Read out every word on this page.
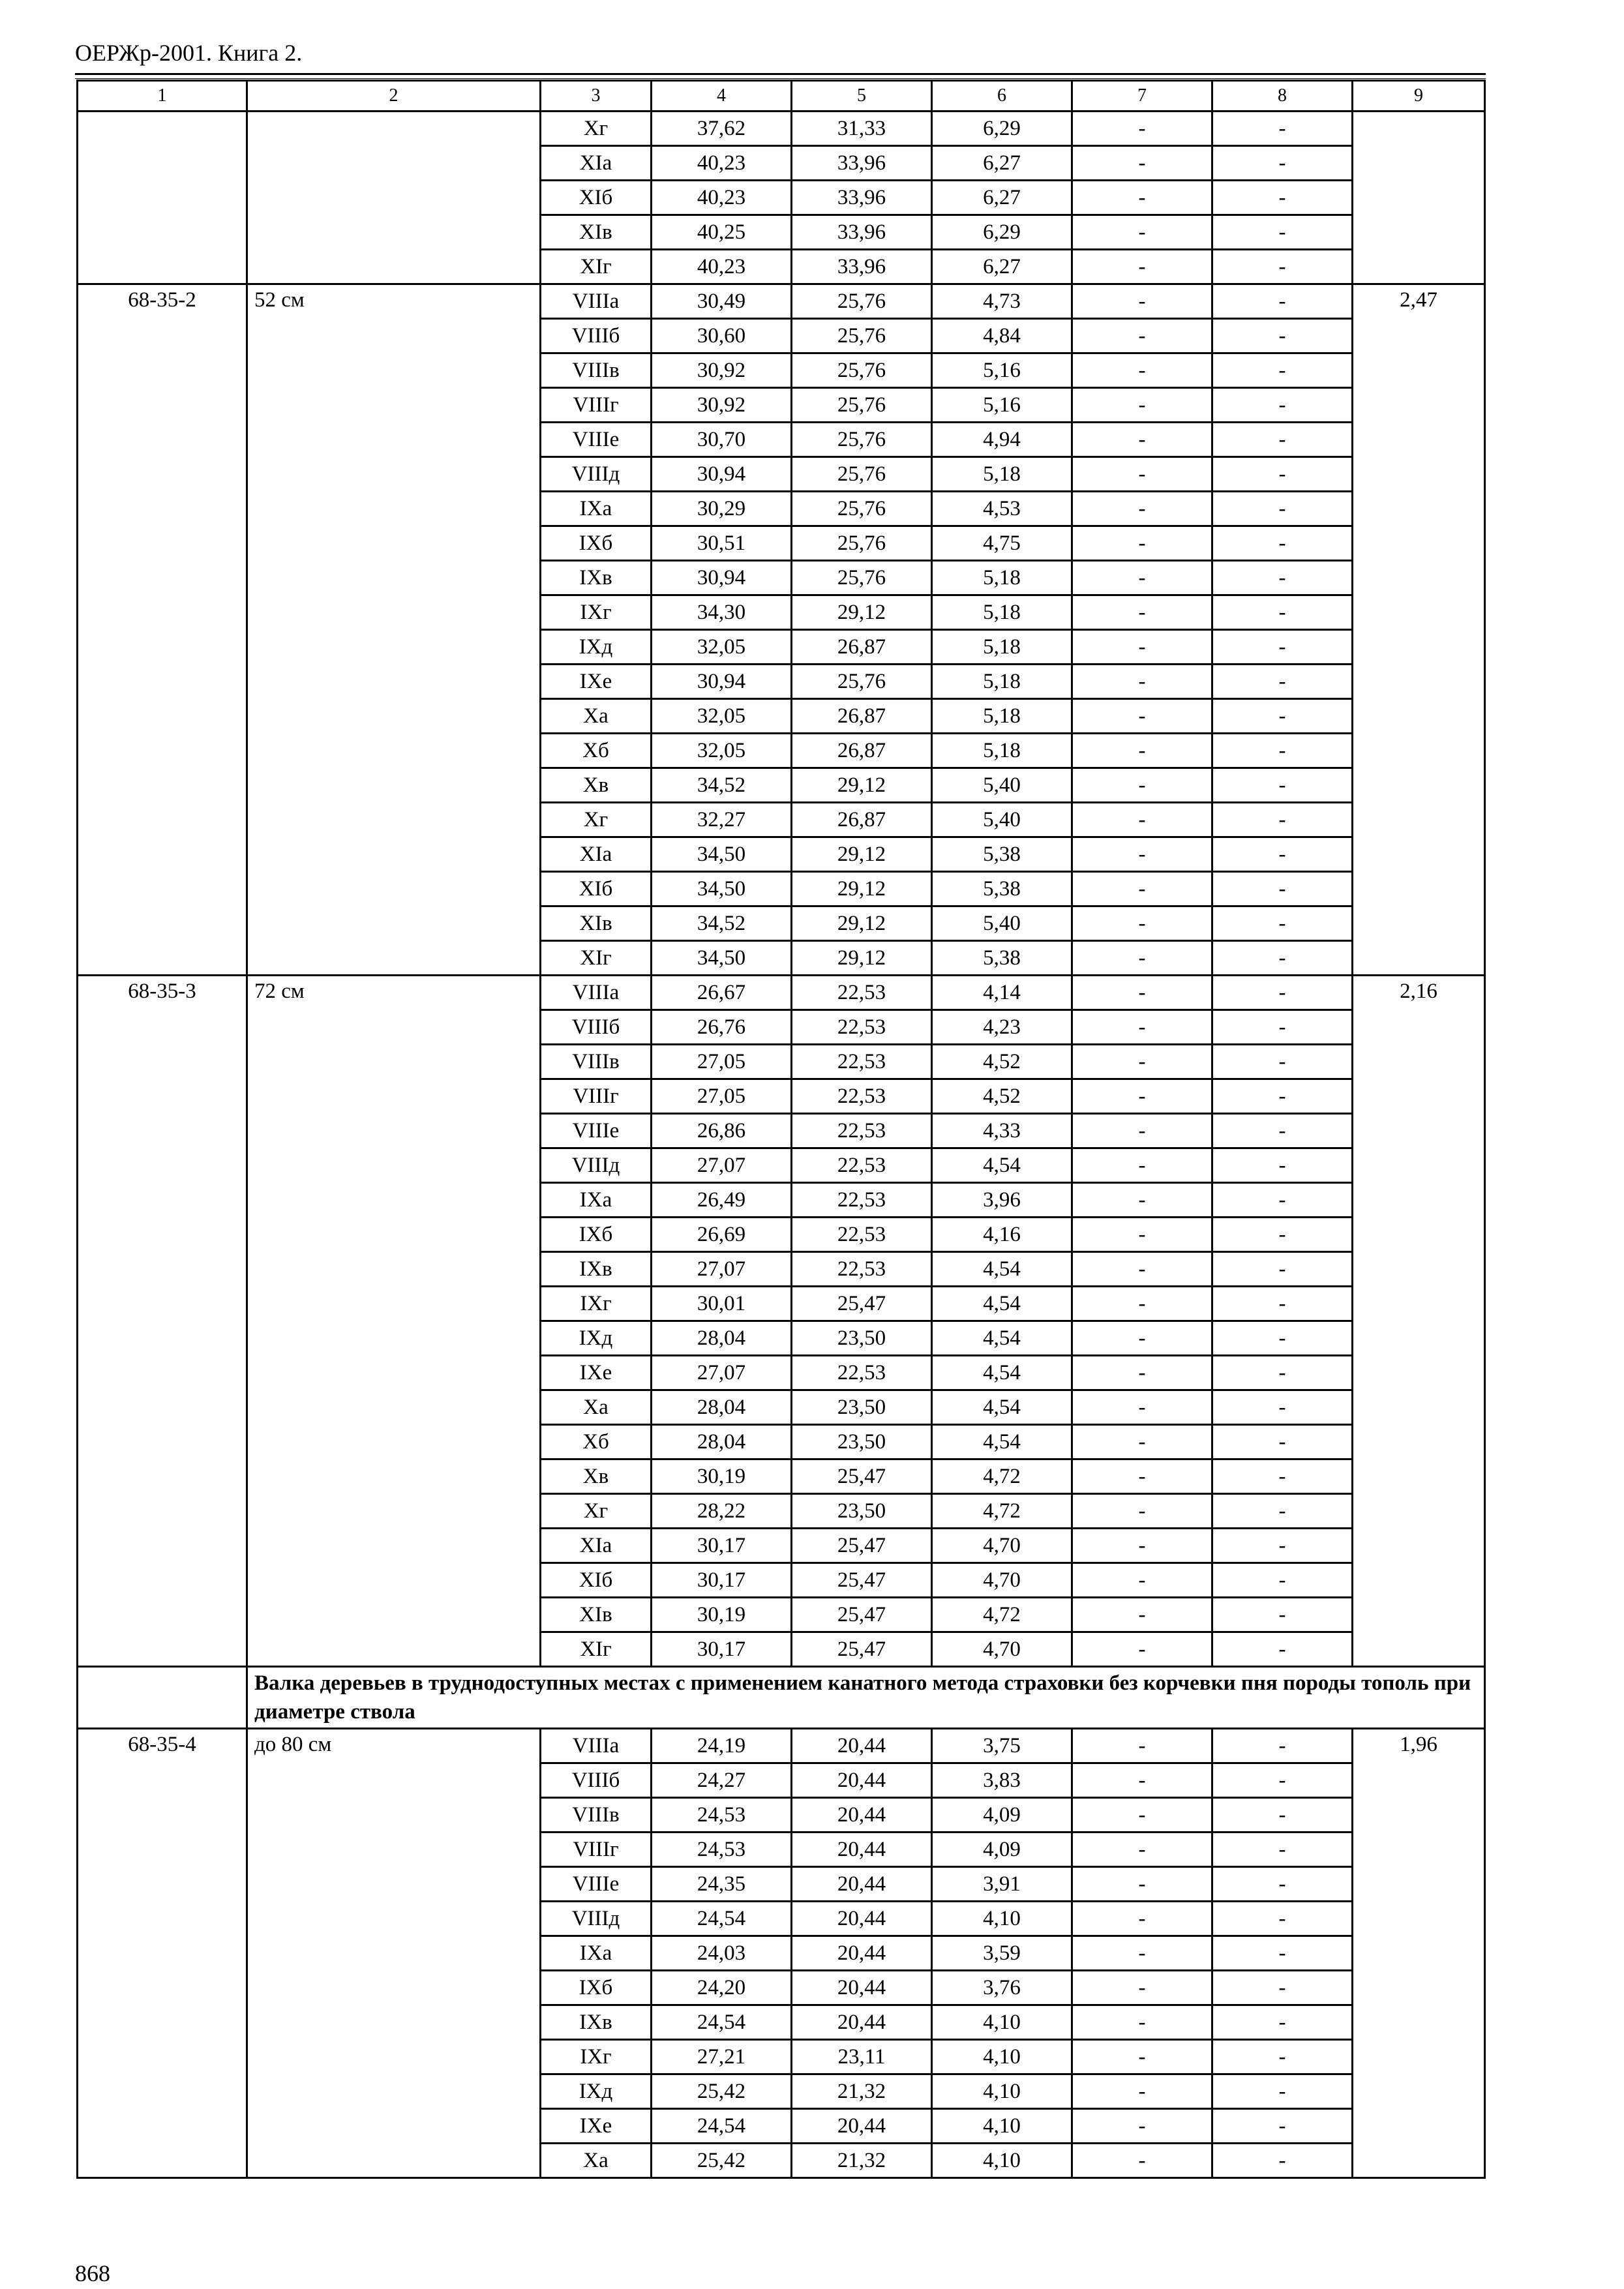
ОЕРЖр-2001. Книга 2.
1	2	3	4	5	6	7	8	9
		Xг	37,62	31,33	6,29	-	-	
		XIа	40,23	33,96	6,27	-	-	
		XIб	40,23	33,96	6,27	-	-	
		XIв	40,25	33,96	6,29	-	-	
		XIг	40,23	33,96	6,27	-	-	
68-35-2	52 см	VIIIа	30,49	25,76	4,73	-	-	2,47
		VIIIб	30,60	25,76	4,84	-	-	
		VIIIв	30,92	25,76	5,16	-	-	
		VIIIг	30,92	25,76	5,16	-	-	
		VIIIе	30,70	25,76	4,94	-	-	
		VIIIд	30,94	25,76	5,18	-	-	
		IXа	30,29	25,76	4,53	-	-	
		IXб	30,51	25,76	4,75	-	-	
		IXв	30,94	25,76	5,18	-	-	
		IXг	34,30	29,12	5,18	-	-	
		IXд	32,05	26,87	5,18	-	-	
		IXе	30,94	25,76	5,18	-	-	
		Xа	32,05	26,87	5,18	-	-	
		Xб	32,05	26,87	5,18	-	-	
		Xв	34,52	29,12	5,40	-	-	
		Xг	32,27	26,87	5,40	-	-	
		XIа	34,50	29,12	5,38	-	-	
		XIб	34,50	29,12	5,38	-	-	
		XIв	34,52	29,12	5,40	-	-	
		XIг	34,50	29,12	5,38	-	-	
68-35-3	72 см	VIIIа	26,67	22,53	4,14	-	-	2,16
		VIIIб	26,76	22,53	4,23	-	-	
		VIIIв	27,05	22,53	4,52	-	-	
		VIIIг	27,05	22,53	4,52	-	-	
		VIIIе	26,86	22,53	4,33	-	-	
		VIIIд	27,07	22,53	4,54	-	-	
		IXа	26,49	22,53	3,96	-	-	
		IXб	26,69	22,53	4,16	-	-	
		IXв	27,07	22,53	4,54	-	-	
		IXг	30,01	25,47	4,54	-	-	
		IXд	28,04	23,50	4,54	-	-	
		IXе	27,07	22,53	4,54	-	-	
		Xа	28,04	23,50	4,54	-	-	
		Xб	28,04	23,50	4,54	-	-	
		Xв	30,19	25,47	4,72	-	-	
		Xг	28,22	23,50	4,72	-	-	
		XIа	30,17	25,47	4,70	-	-	
		XIб	30,17	25,47	4,70	-	-	
		XIв	30,19	25,47	4,72	-	-	
		XIг	30,17	25,47	4,70	-	-	
	Валка деревьев в труднодоступных местах с применением канатного метода страховки без корчевки пня породы тополь при диаметре ствола							
68-35-4	до 80 см	VIIIа	24,19	20,44	3,75	-	-	1,96
		VIIIб	24,27	20,44	3,83	-	-	
		VIIIв	24,53	20,44	4,09	-	-	
		VIIIг	24,53	20,44	4,09	-	-	
		VIIIе	24,35	20,44	3,91	-	-	
		VIIIд	24,54	20,44	4,10	-	-	
		IXа	24,03	20,44	3,59	-	-	
		IXб	24,20	20,44	3,76	-	-	
		IXв	24,54	20,44	4,10	-	-	
		IXг	27,21	23,11	4,10	-	-	
		IXд	25,42	21,32	4,10	-	-	
		IXе	24,54	20,44	4,10	-	-	
		Xа	25,42	21,32	4,10	-	-	
868
